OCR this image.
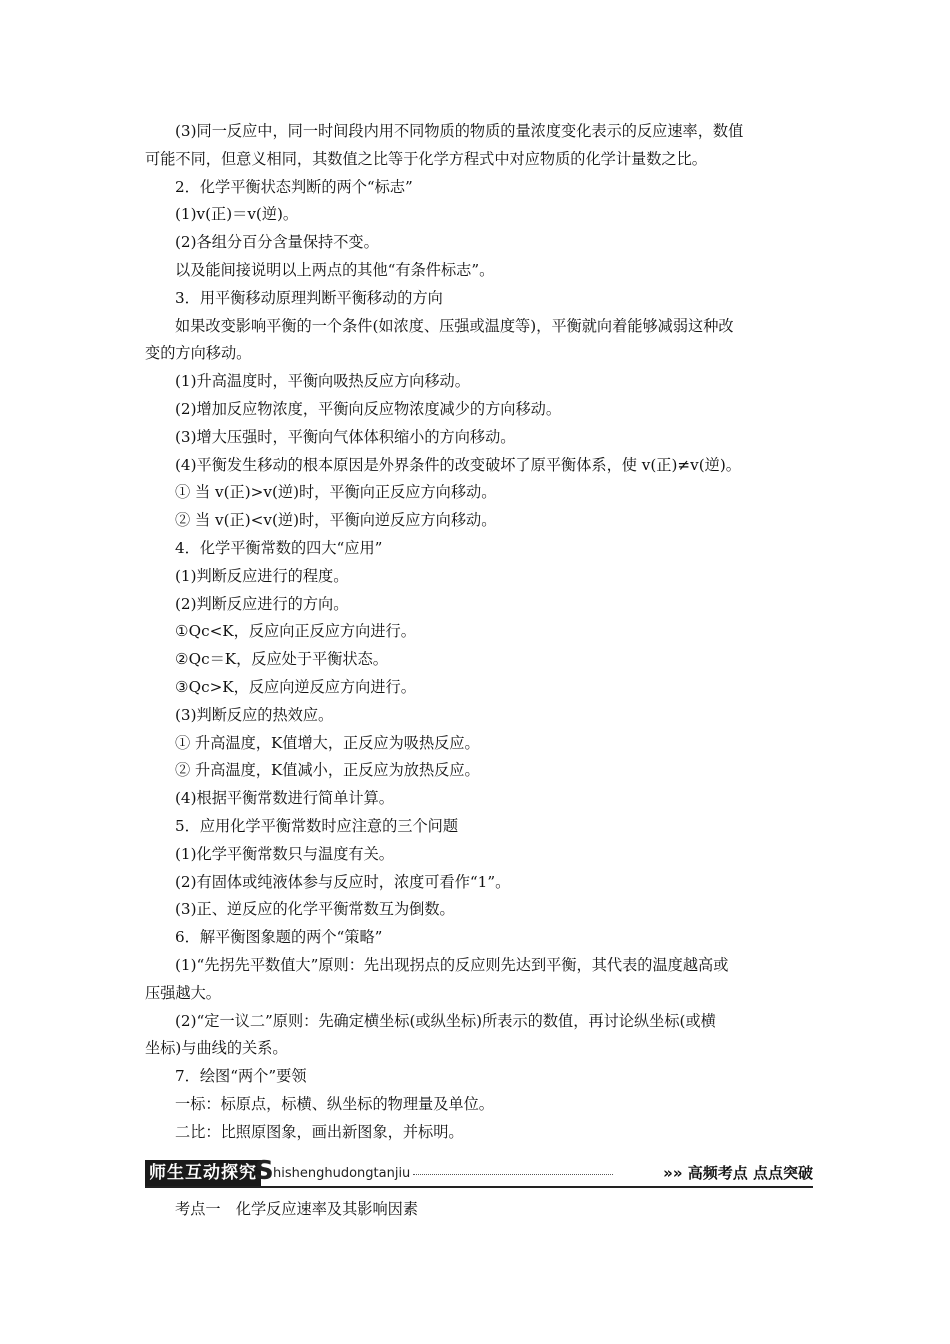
(3)同一反应中，同一时间段内用不同物质的物质的量浓度变化表示的反应速率，数值
可能不同，但意义相同，其数值之比等于化学方程式中对应物质的化学计量数之比。
2．化学平衡状态判断的两个“标志”
(1)v(正)＝v(逆)。
(2)各组分百分含量保持不变。
以及能间接说明以上两点的其他“有条件标志”。
3．用平衡移动原理判断平衡移动的方向
如果改变影响平衡的一个条件(如浓度、压强或温度等)，平衡就向着能够减弱这种改
变的方向移动。
(1)升高温度时，平衡向吸热反应方向移动。
(2)增加反应物浓度，平衡向反应物浓度减少的方向移动。
(3)增大压强时，平衡向气体体积缩小的方向移动。
(4)平衡发生移动的根本原因是外界条件的改变破坏了原平衡体系，使 v(正)≠v(逆)。
① 当 v(正)>v(逆)时，平衡向正反应方向移动。
② 当 v(正)<v(逆)时，平衡向逆反应方向移动。
4．化学平衡常数的四大“应用”
(1)判断反应进行的程度。
(2)判断反应进行的方向。
①Qc<K，反应向正反应方向进行。
②Qc＝K，反应处于平衡状态。
③Qc>K，反应向逆反应方向进行。
(3)判断反应的热效应。
① 升高温度，K值增大，正反应为吸热反应。
② 升高温度，K值减小，正反应为放热反应。
(4)根据平衡常数进行简单计算。
5．应用化学平衡常数时应注意的三个问题
(1)化学平衡常数只与温度有关。
(2)有固体或纯液体参与反应时，浓度可看作“1”。
(3)正、逆反应的化学平衡常数互为倒数。
6．解平衡图象题的两个“策略”
(1)“先拐先平数值大”原则：先出现拐点的反应则先达到平衡，其代表的温度越高或
压强越大。
(2)“定一议二”原则：先确定横坐标(或纵坐标)所表示的数值，再讨论纵坐标(或横
坐标)与曲线的关系。
7．绘图“两个”要领
一标：标原点，标横、纵坐标的物理量及单位。
二比：比照原图象，画出新图象，并标明。
师生互动探究
S hishenghudongtanjiu	»» 高频考点 点点突破
考点一　化学反应速率及其影响因素
